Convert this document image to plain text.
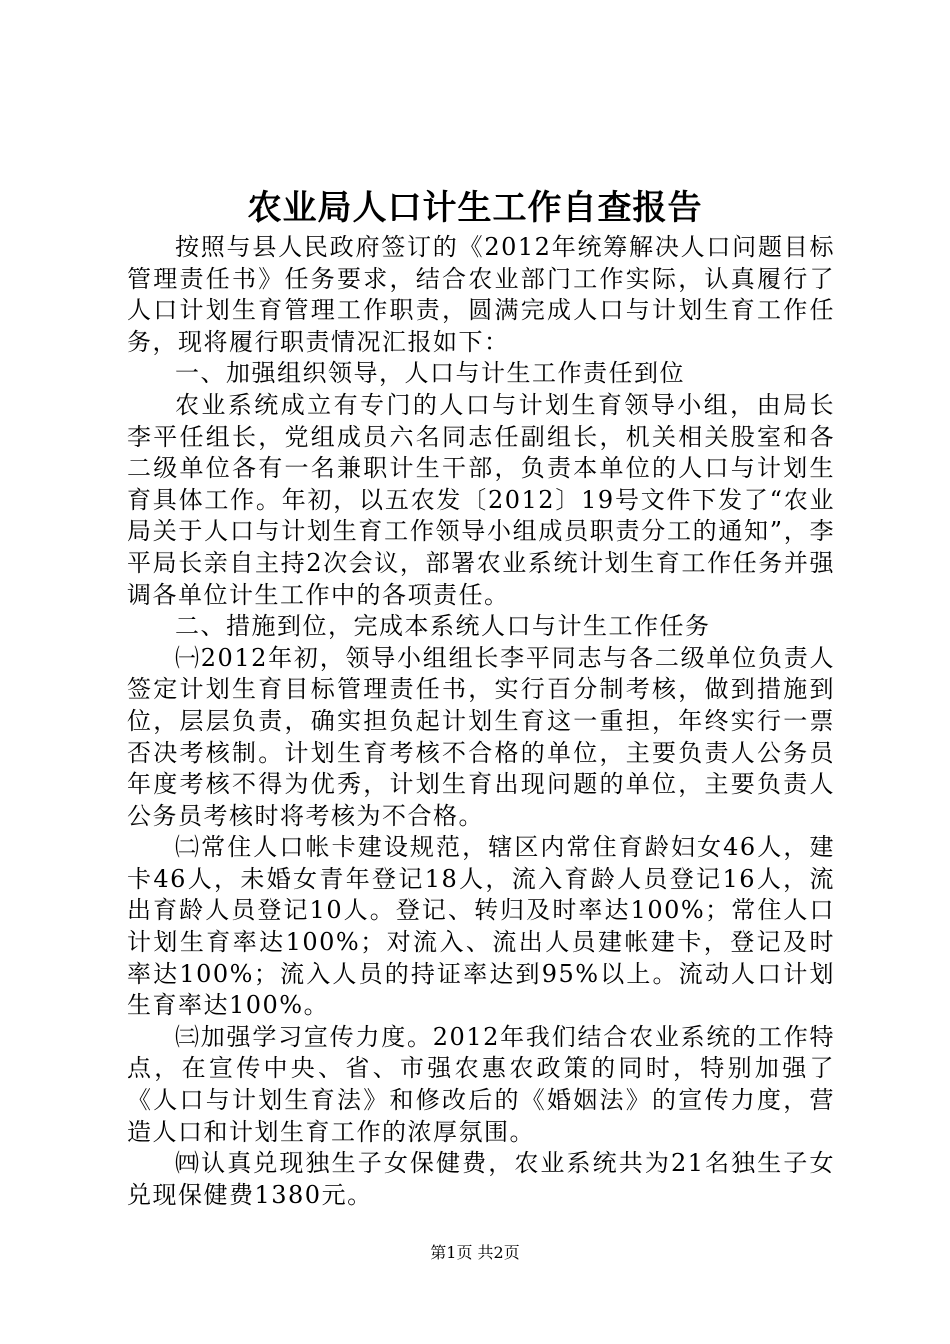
农业局人口计生工作自查报告

按照与县人民政府签订的《2012年统筹解决人口问题目标管理责任书》任务要求，结合农业部门工作实际，认真履行了人口计划生育管理工作职责，圆满完成人口与计划生育工作任务，现将履行职责情况汇报如下：

一、加强组织领导，人口与计生工作责任到位

农业系统成立有专门的人口与计划生育领导小组，由局长李平任组长，党组成员六名同志任副组长，机关相关股室和各二级单位各有一名兼职计生干部，负责本单位的人口与计划生育具体工作。年初，以五农发〔2012〕19号文件下发了“农业局关于人口与计划生育工作领导小组成员职责分工的通知”，李平局长亲自主持2次会议，部署农业系统计划生育工作任务并强调各单位计生工作中的各项责任。

二、措施到位，完成本系统人口与计生工作任务

㈠2012年初，领导小组组长李平同志与各二级单位负责人签定计划生育目标管理责任书，实行百分制考核，做到措施到位，层层负责，确实担负起计划生育这一重担，年终实行一票否决考核制。计划生育考核不合格的单位，主要负责人公务员年度考核不得为优秀，计划生育出现问题的单位，主要负责人公务员考核时将考核为不合格。

㈡常住人口帐卡建设规范，辖区内常住育龄妇女46人，建卡46人，未婚女青年登记18人，流入育龄人员登记16人，流出育龄人员登记10人。登记、转归及时率达100%；常住人口计划生育率达100%；对流入、流出人员建帐建卡，登记及时率达100%；流入人员的持证率达到95%以上。流动人口计划生育率达100%。

㈢加强学习宣传力度。2012年我们结合农业系统的工作特点，在宣传中央、省、市强农惠农政策的同时，特别加强了《人口与计划生育法》和修改后的《婚姻法》的宣传力度，营造人口和计划生育工作的浓厚氛围。

㈣认真兑现独生子女保健费，农业系统共为21名独生子女兑现保健费1380元。

第1页 共2页
